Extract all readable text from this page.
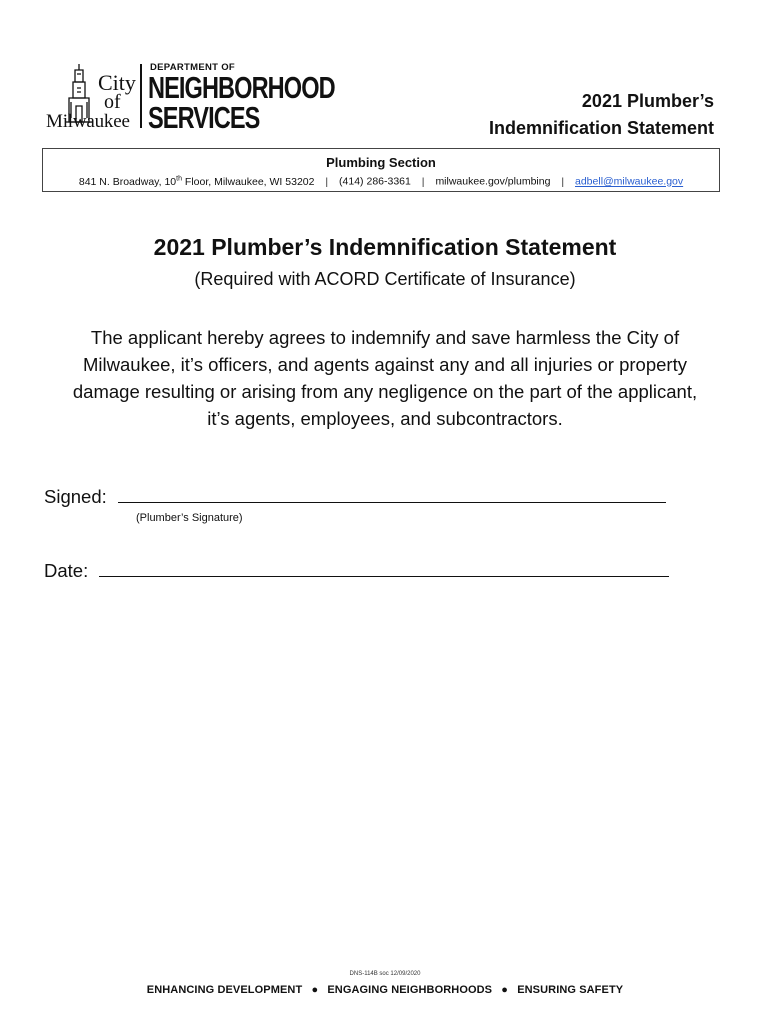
City
of
Milwaukee
DEPARTMENT OF
NEIGHBORHOOD
SERVICES	2021 Plumber’s
Indemnification Statement
Plumbing Section
841 N. Broadway, 10th Floor, Milwaukee, WI 53202 | (414) 286-3361 | milwaukee.gov/plumbing | adbell@milwaukee.gov
2021 Plumber’s Indemnification Statement
(Required with ACORD Certificate of Insurance)
The applicant hereby agrees to indemnify and save harmless the City of
Milwaukee, it’s officers, and agents against any and all injuries or property
damage resulting or arising from any negligence on the part of the applicant,
it’s agents, employees, and subcontractors.
Signed:
(Plumber’s Signature)
Date:
DNS-114B soc 12/09/2020
ENHANCING DEVELOPMENT ● ENGAGING NEIGHBORHOODS ● ENSURING SAFETY
